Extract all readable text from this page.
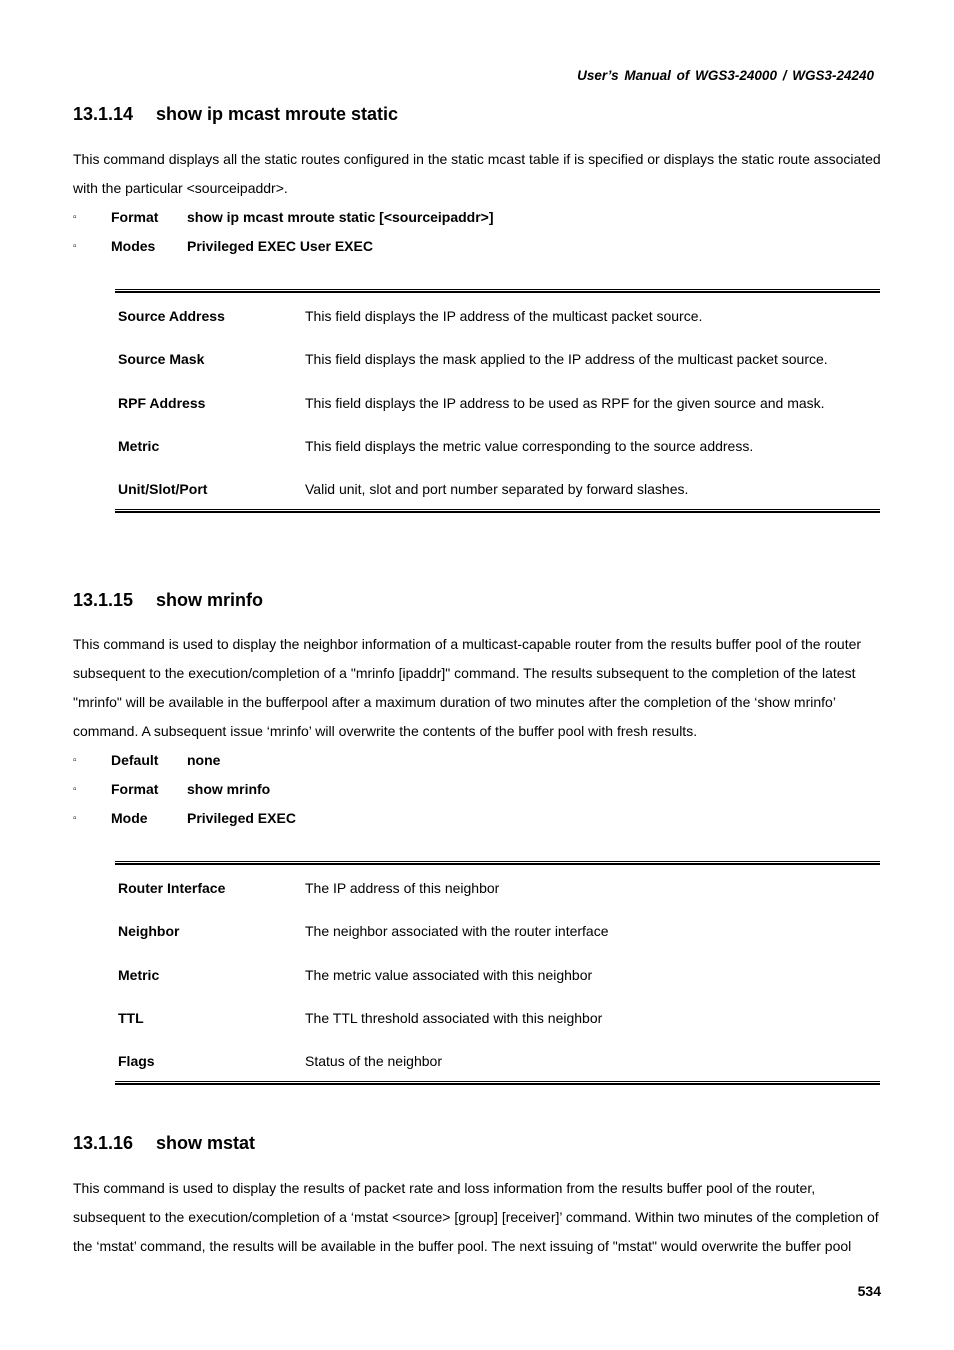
User’s Manual of WGS3-24000 / WGS3-24240
13.1.14 show ip mcast mroute static

This command displays all the static routes configured in the static mcast table if is specified or displays the static route associated with the particular <sourceipaddr>.

▫ Format show ip mcast mroute static [<sourceipaddr>]
▫ Modes Privileged EXEC User EXEC
Source Address	This field displays the IP address of the multicast packet source.
Source Mask	This field displays the mask applied to the IP address of the multicast packet source.
RPF Address	This field displays the IP address to be used as RPF for the given source and mask.
Metric	This field displays the metric value corresponding to the source address.
Unit/Slot/Port	Valid unit, slot and port number separated by forward slashes.
13.1.15 show mrinfo

This command is used to display the neighbor information of a multicast-capable router from the results buffer pool of the router subsequent to the execution/completion of a "mrinfo [ipaddr]" command. The results subsequent to the completion of the latest "mrinfo" will be available in the bufferpool after a maximum duration of two minutes after the completion of the ‘show mrinfo’ command. A subsequent issue ‘mrinfo’ will overwrite the contents of the buffer pool with fresh results.

▫ Default none
▫ Format show mrinfo
▫ Mode	Privileged EXEC
Router Interface	The IP address of this neighbor
Neighbor	The neighbor associated with the router interface
Metric	The metric value associated with this neighbor
TTL	The TTL threshold associated with this neighbor
Flags	Status of the neighbor
13.1.16 show mstat

This command is used to display the results of packet rate and loss information from the results buffer pool of the router, subsequent to the execution/completion of a ‘mstat <source> [group] [receiver]’ command. Within two minutes of the completion of the ‘mstat’ command, the results will be available in the buffer pool. The next issuing of "mstat" would overwrite the buffer pool

534
